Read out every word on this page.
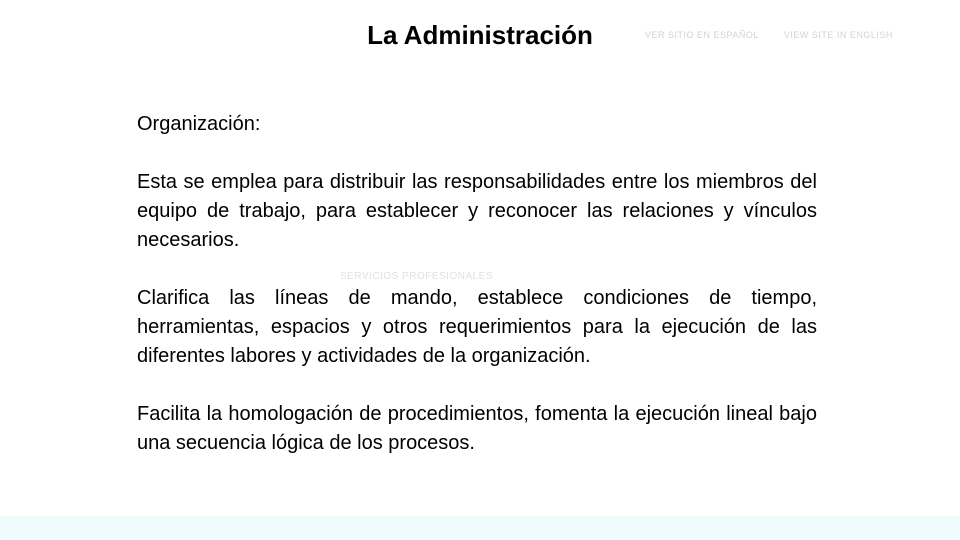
La Administración	VER SITIO EN ESPAÑOL	VIEW SITE IN ENGLISH
SERVICIOS PROFESIONALES

Organización:

Esta se emplea para distribuir las responsabilidades entre los miembros del equipo de trabajo, para establecer y reconocer las relaciones y vínculos necesarios.

Clarifica las líneas de mando, establece condiciones de tiempo, herramientas, espacios y otros requerimientos para la ejecución de las diferentes labores y actividades de la organización.

Facilita la homologación de procedimientos, fomenta la ejecución lineal bajo una secuencia lógica de los procesos.
